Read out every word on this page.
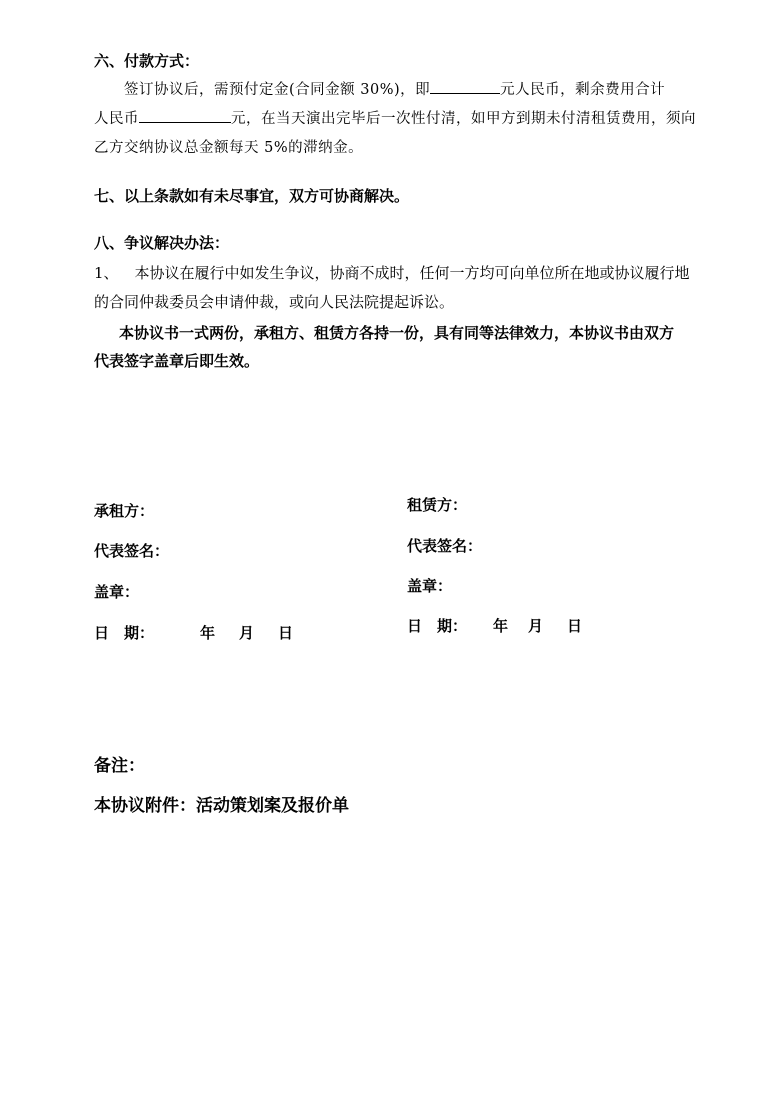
六、付款方式：
签订协议后，需预付定金(合同金额 30%)，即	元人民币，剩余费用合计
人民币	元，在当天演出完毕后一次性付清，如甲方到期未付清租赁费用，须向
乙方交纳协议总金额每天 5%的滞纳金。
七、以上条款如有未尽事宜，双方可协商解决。
八、争议解决办法：
1、 本协议在履行中如发生争议，协商不成时，任何一方均可向单位所在地或协议履行地
的合同仲裁委员会申请仲裁，或向人民法院提起诉讼。
本协议书一式两份，承租方、租赁方各持一份，具有同等法律效力，本协议书由双方
代表签字盖章后即生效。
承租方：
代表签名：
盖章：
日　期：	年 月 日
租赁方：
代表签名：
盖章：
日　期： 年 月 日
备注：
本协议附件：活动策划案及报价单
